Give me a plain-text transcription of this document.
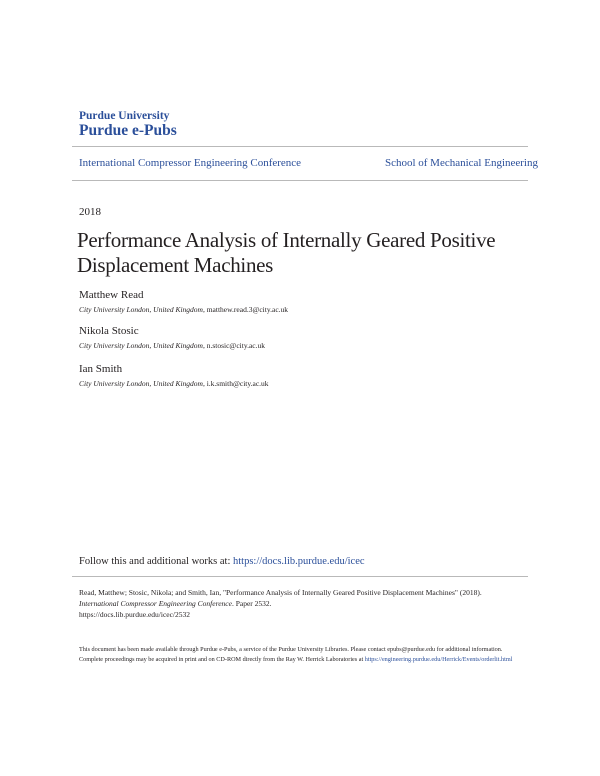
Purdue University
Purdue e-Pubs
International Compressor Engineering Conference	School of Mechanical Engineering
2018
Performance Analysis of Internally Geared Positive Displacement Machines
Matthew Read
City University London, United Kingdom, matthew.read.3@city.ac.uk
Nikola Stosic
City University London, United Kingdom, n.stosic@city.ac.uk
Ian Smith
City University London, United Kingdom, i.k.smith@city.ac.uk
Follow this and additional works at: https://docs.lib.purdue.edu/icec
Read, Matthew; Stosic, Nikola; and Smith, Ian, "Performance Analysis of Internally Geared Positive Displacement Machines" (2018).
International Compressor Engineering Conference. Paper 2532.
https://docs.lib.purdue.edu/icec/2532
This document has been made available through Purdue e-Pubs, a service of the Purdue University Libraries. Please contact epubs@purdue.edu for additional information.
Complete proceedings may be acquired in print and on CD-ROM directly from the Ray W. Herrick Laboratories at https://engineering.purdue.edu/Herrick/Events/orderlit.html
